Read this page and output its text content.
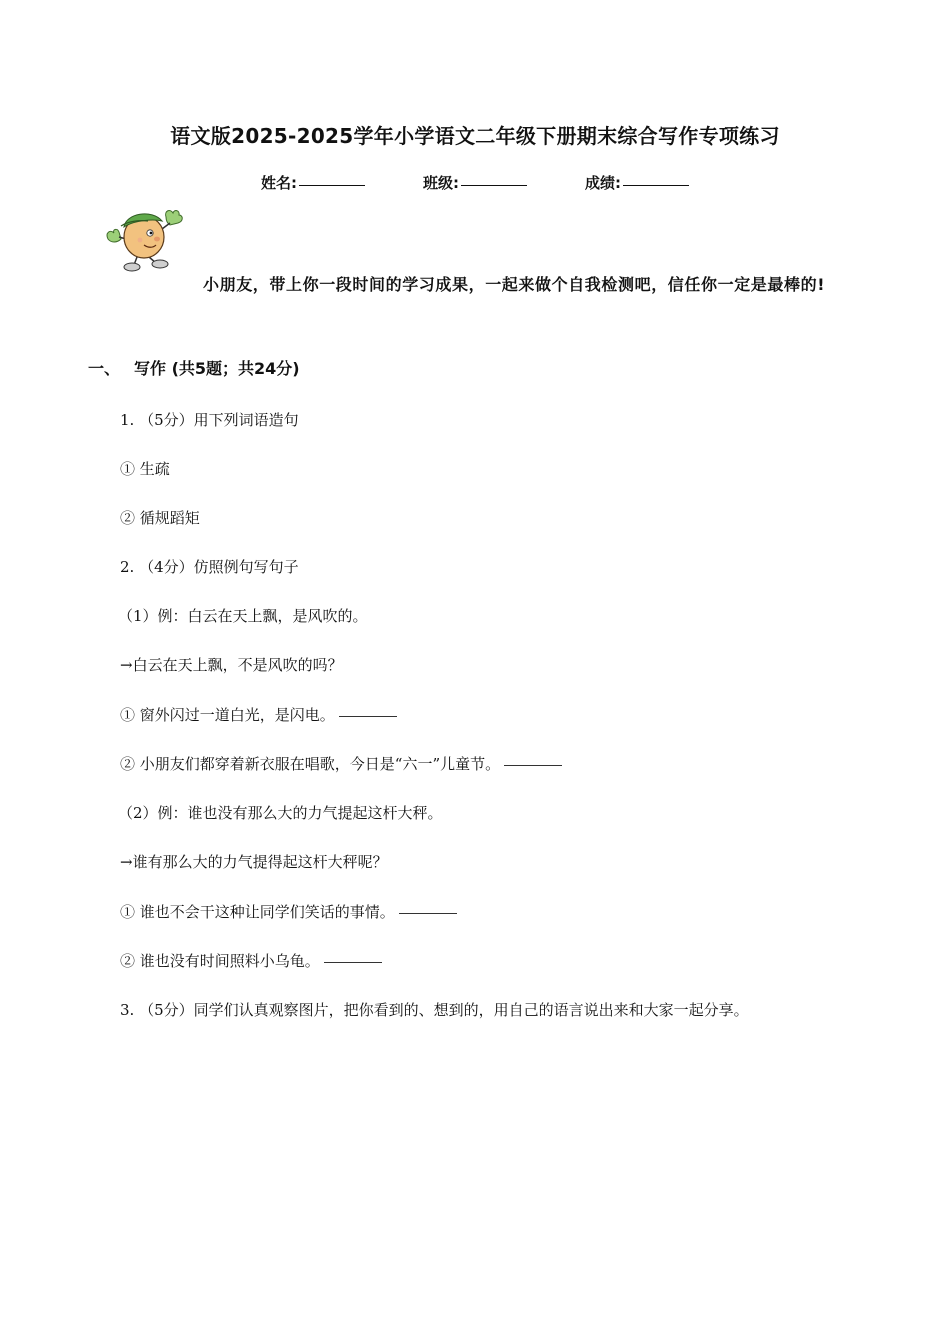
语文版2025-2025学年小学语文二年级下册期末综合写作专项练习
姓名:	班级:	成绩:
小朋友，带上你一段时间的学习成果，一起来做个自我检测吧，信任你一定是最棒的!
一、 写作 (共5题；共24分)
1. （5分）用下列词语造句
① 生疏
② 循规蹈矩
2. （4分）仿照例句写句子
（1）例：白云在天上飘，是风吹的。
→白云在天上飘，不是风吹的吗？
① 窗外闪过一道白光，是闪电。
② 小朋友们都穿着新衣服在唱歌，今日是“六一”儿童节。
（2）例：谁也没有那么大的力气提起这杆大秤。
→谁有那么大的力气提得起这杆大秤呢？
① 谁也不会干这种让同学们笑话的事情。
② 谁也没有时间照料小乌龟。
3. （5分）同学们认真观察图片，把你看到的、想到的，用自己的语言说出来和大家一起分享。
